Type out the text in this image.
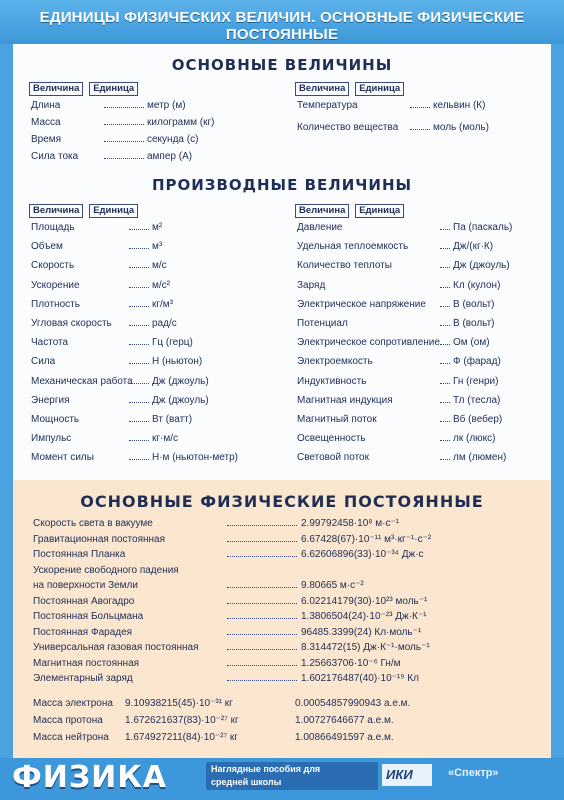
ЕДИНИЦЫ ФИЗИЧЕСКИХ ВЕЛИЧИН. ОСНОВНЫЕ ФИЗИЧЕСКИЕ ПОСТОЯННЫЕ
ОСНОВНЫЕ ВЕЛИЧИНЫ
Величина Единица	Величина Единица
Длина	метр (м)
Масса	килограмм (кг)
Время	секунда (с)
Сила тока	ампер (А)
Температура	кельвин (К)
Количество вещества	моль (моль)
ПРОИЗВОДНЫЕ ВЕЛИЧИНЫ
Величина Единица	Величина Единица
Площадь	м²
Объем	м³
Скорость	м/с
Ускорение	м/с²
Плотность	кг/м³
Угловая скорость	рад/с
Частота	Гц (герц)
Сила	Н (ньютон)
Механическая работа Дж (джоуль)
Энергия	Дж (джоуль)
Мощность	Вт (ватт)
Импульс	кг·м/с
Момент силы	Н·м (ньютон-метр)
Давление	Па (паскаль)
Удельная теплоемкость	Дж/(кг·К)
Количество теплоты	Дж (джоуль)
Заряд	Кл (кулон)
Электрическое напряжение	В (вольт)
Потенциал	В (вольт)
Электрическое сопротивление Ом (ом)
Электроемкость	Ф (фарад)
Индуктивность	Гн (генри)
Магнитная индукция	Тл (тесла)
Магнитный поток	Вб (вебер)
Освещенность	лк (люкс)
Световой поток	лм (люмен)
ОСНОВНЫЕ ФИЗИЧЕСКИЕ ПОСТОЯННЫЕ
Скорость света в вакууме	2.99792458·10⁸ м·с⁻¹
Гравитационная постоянная	6.67428(67)·10⁻¹¹ м³·кг⁻¹·с⁻²
Постоянная Планка	6.62606896(33)·10⁻³⁴ Дж·с
Ускорение свободного падения
на поверхности Земли	9.80665 м·с⁻²
Постоянная Авогадро	6.02214179(30)·10²³ моль⁻¹
Постоянная Больцмана	1.3806504(24)·10⁻²³ Дж·К⁻¹
Постоянная Фарадея	96485.3399(24) Кл·моль⁻¹
Универсальная газовая постоянная	8.314472(15) Дж·К⁻¹·моль⁻¹
Магнитная постоянная	1.25663706·10⁻⁶ Гн/м
Элементарный заряд	1.602176487(40)·10⁻¹⁹ Кл
Масса электрона 9.10938215(45)·10⁻³¹ кг	0.00054857990943 а.е.м.
Масса протона 1.672621637(83)·10⁻²⁷ кг	1.00727646677 а.е.м.
Масса нейтрона 1.674927211(84)·10⁻²⁷ кг	1.00866491597 а.е.м.
ФИЗИКА	Наглядные пособия для
средней школы	ИКИ	«Спектр»
